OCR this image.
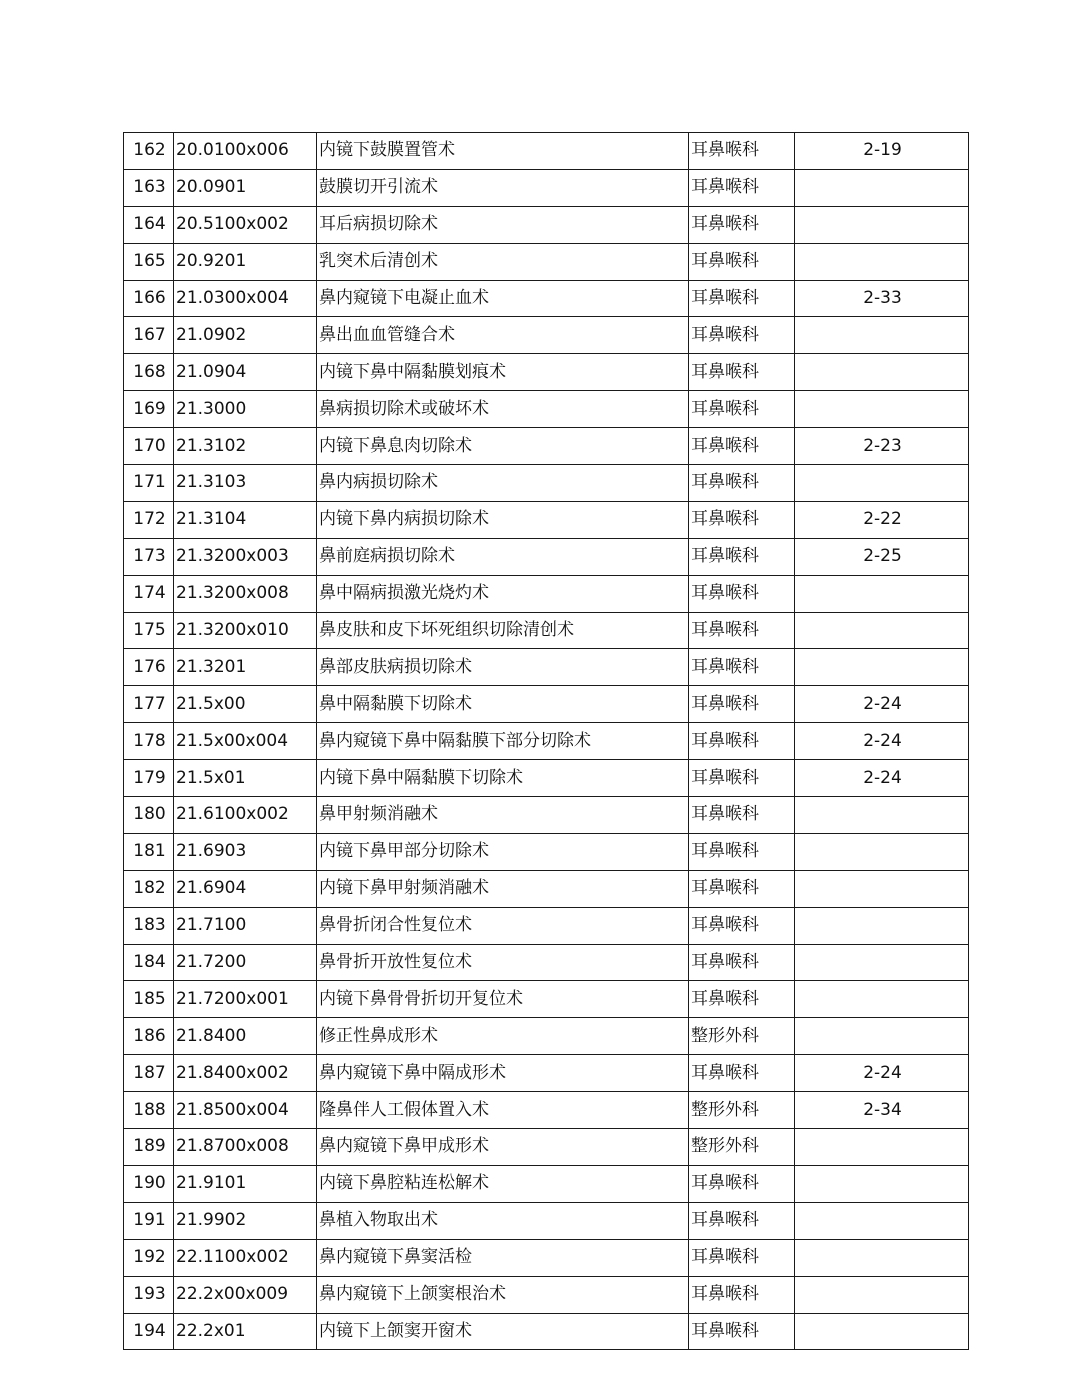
162	20.0100x006	内镜下鼓膜置管术	耳鼻喉科	2-19
163	20.0901	鼓膜切开引流术	耳鼻喉科	
164	20.5100x002	耳后病损切除术	耳鼻喉科	
165	20.9201	乳突术后清创术	耳鼻喉科	
166	21.0300x004	鼻内窥镜下电凝止血术	耳鼻喉科	2-33
167	21.0902	鼻出血血管缝合术	耳鼻喉科	
168	21.0904	内镜下鼻中隔黏膜划痕术	耳鼻喉科	
169	21.3000	鼻病损切除术或破坏术	耳鼻喉科	
170	21.3102	内镜下鼻息肉切除术	耳鼻喉科	2-23
171	21.3103	鼻内病损切除术	耳鼻喉科	
172	21.3104	内镜下鼻内病损切除术	耳鼻喉科	2-22
173	21.3200x003	鼻前庭病损切除术	耳鼻喉科	2-25
174	21.3200x008	鼻中隔病损激光烧灼术	耳鼻喉科	
175	21.3200x010	鼻皮肤和皮下坏死组织切除清创术	耳鼻喉科	
176	21.3201	鼻部皮肤病损切除术	耳鼻喉科	
177	21.5x00	鼻中隔黏膜下切除术	耳鼻喉科	2-24
178	21.5x00x004	鼻内窥镜下鼻中隔黏膜下部分切除术	耳鼻喉科	2-24
179	21.5x01	内镜下鼻中隔黏膜下切除术	耳鼻喉科	2-24
180	21.6100x002	鼻甲射频消融术	耳鼻喉科	
181	21.6903	内镜下鼻甲部分切除术	耳鼻喉科	
182	21.6904	内镜下鼻甲射频消融术	耳鼻喉科	
183	21.7100	鼻骨折闭合性复位术	耳鼻喉科	
184	21.7200	鼻骨折开放性复位术	耳鼻喉科	
185	21.7200x001	内镜下鼻骨骨折切开复位术	耳鼻喉科	
186	21.8400	修正性鼻成形术	整形外科	
187	21.8400x002	鼻内窥镜下鼻中隔成形术	耳鼻喉科	2-24
188	21.8500x004	隆鼻伴人工假体置入术	整形外科	2-34
189	21.8700x008	鼻内窥镜下鼻甲成形术	整形外科	
190	21.9101	内镜下鼻腔粘连松解术	耳鼻喉科	
191	21.9902	鼻植入物取出术	耳鼻喉科	
192	22.1100x002	鼻内窥镜下鼻窦活检	耳鼻喉科	
193	22.2x00x009	鼻内窥镜下上颌窦根治术	耳鼻喉科	
194	22.2x01	内镜下上颌窦开窗术	耳鼻喉科	
